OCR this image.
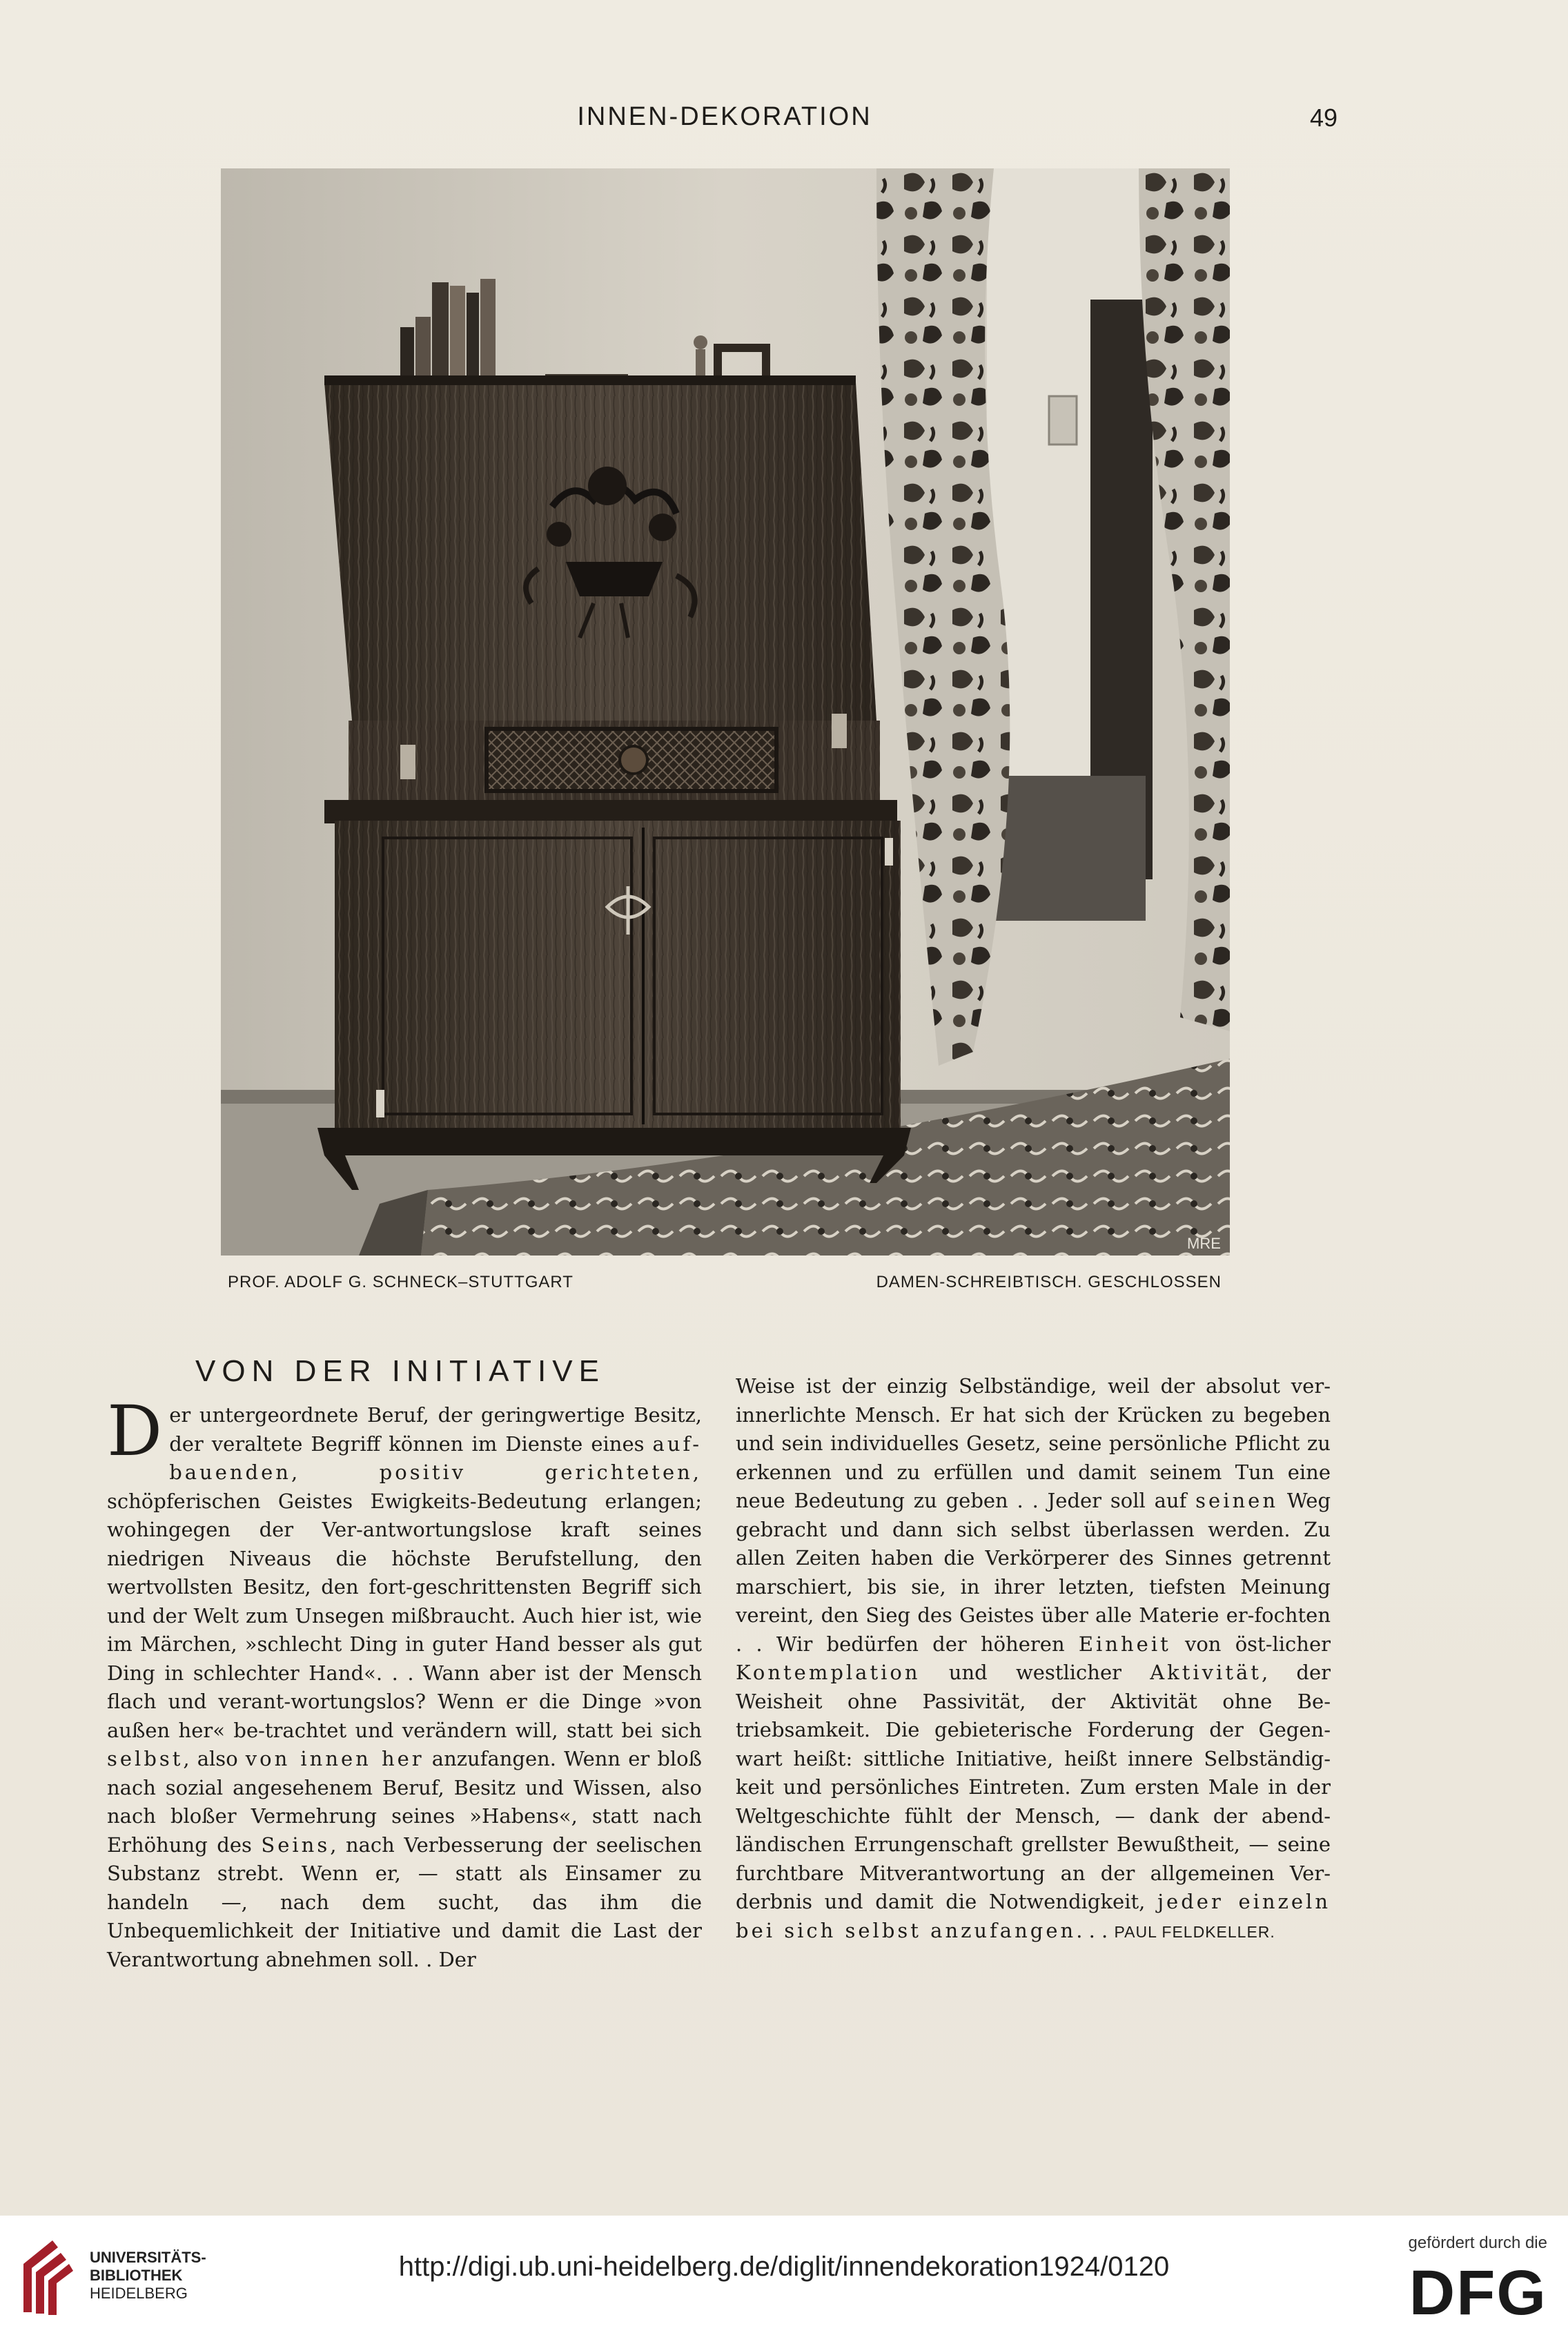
INNEN-DEKORATION	49
MRE
PROF. ADOLF G. SCHNECK–STUTTGART	DAMEN-SCHREIBTISCH. GESCHLOSSEN
VON DER INITIATIVE
Der untergeordnete Beruf, der geringwertige Besitz, der veraltete Begriff können im Dienste eines auf-bauenden, positiv gerichteten, schöpferischen Geistes Ewigkeits-Bedeutung erlangen; wohingegen der Ver-antwortungslose kraft seines niedrigen Niveaus die höchste Berufstellung, den wertvollsten Besitz, den fort-geschrittensten Begriff sich und der Welt zum Unsegen mißbraucht. Auch hier ist, wie im Märchen, »schlecht Ding in guter Hand besser als gut Ding in schlechter Hand«. . . Wann aber ist der Mensch flach und verant-wortungslos? Wenn er die Dinge »von außen her« be-trachtet und verändern will, statt bei sich selbst, also von innen her anzufangen. Wenn er bloß nach sozial angesehenem Beruf, Besitz und Wissen, also nach bloßer Vermehrung seines »Habens«, statt nach Erhöhung des Seins, nach Verbesserung der seelischen Substanz strebt. Wenn er, — statt als Einsamer zu handeln —, nach dem sucht, das ihm die Unbequemlichkeit der Initiative und damit die Last der Verantwortung abnehmen soll. . Der
Weise ist der einzig Selbständige, weil der absolut ver-innerlichte Mensch. Er hat sich der Krücken zu begeben und sein individuelles Gesetz, seine persönliche Pflicht zu erkennen und zu erfüllen und damit seinem Tun eine neue Bedeutung zu geben . . Jeder soll auf seinen Weg gebracht und dann sich selbst überlassen werden. Zu allen Zeiten haben die Verkörperer des Sinnes getrennt marschiert, bis sie, in ihrer letzten, tiefsten Meinung vereint, den Sieg des Geistes über alle Materie er-fochten . . Wir bedürfen der höheren Einheit von öst-licher Kontemplation und westlicher Aktivität, der Weisheit ohne Passivität, der Aktivität ohne Be-triebsamkeit. Die gebieterische Forderung der Gegen-wart heißt: sittliche Initiative, heißt innere Selbständig-keit und persönliches Eintreten. Zum ersten Male in der Weltgeschichte fühlt der Mensch, — dank der abend-ländischen Errungenschaft grellster Bewußtheit, — seine furchtbare Mitverantwortung an der allgemeinen Ver-derbnis und damit die Notwendigkeit, jeder einzeln bei sich selbst anzufangen. . . PAUL FELDKELLER.
UNIVERSITÄTS-
BIBLIOTHEK
HEIDELBERG
http://digi.ub.uni-heidelberg.de/diglit/innendekoration1924/0120
gefördert durch die
DFG
